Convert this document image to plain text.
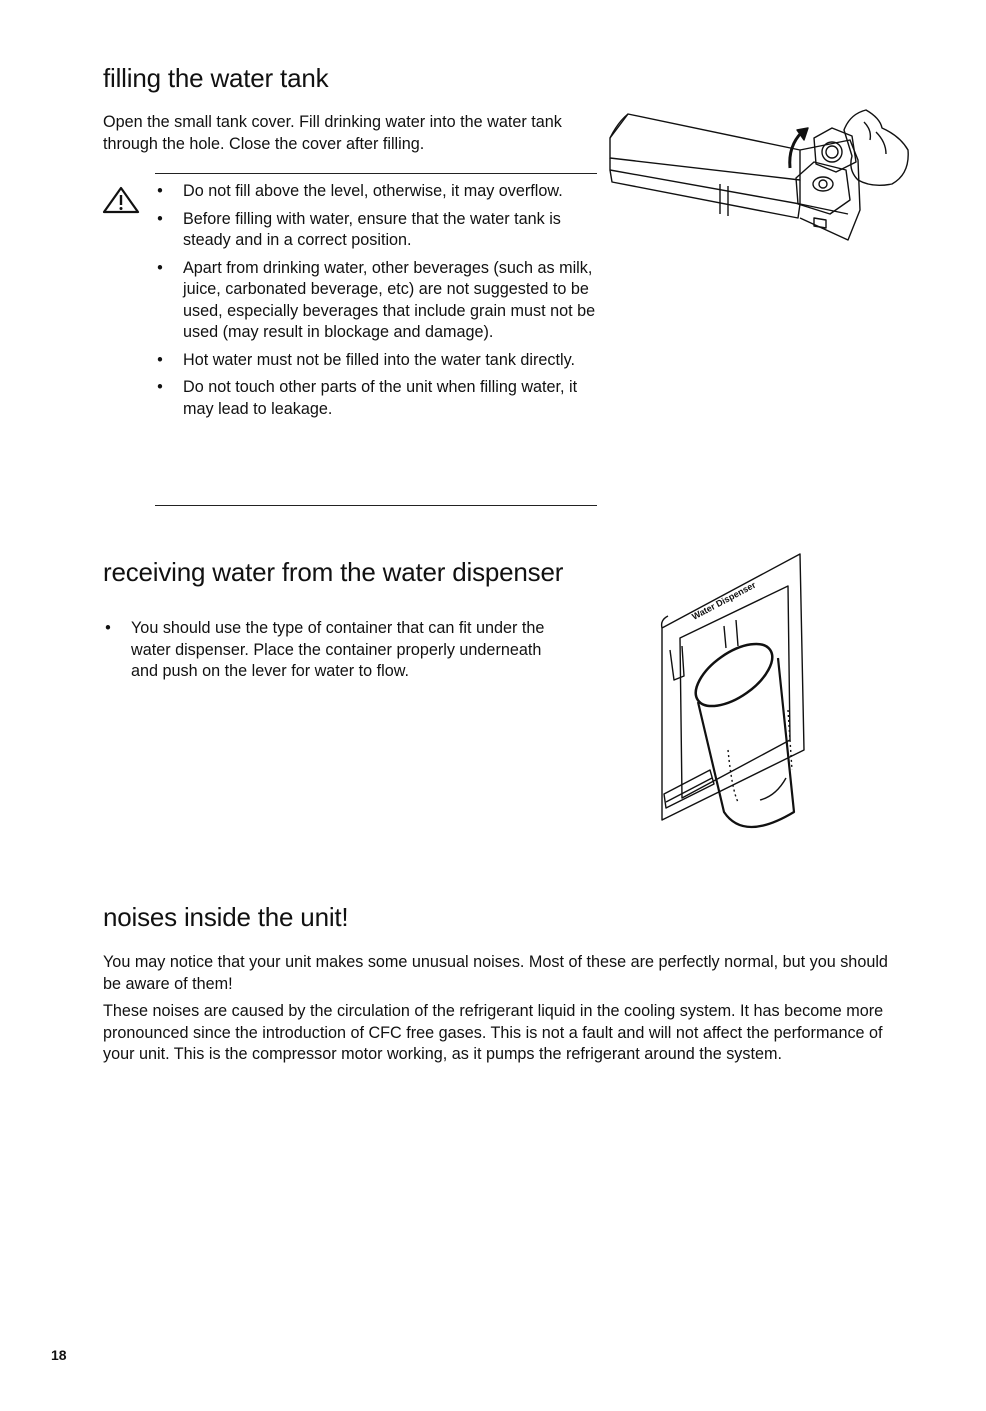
filling the water tank

Open the small tank cover. Fill drinking water into the water tank through the hole. Close the cover after filling.

• Do not fill above the level, otherwise, it may overflow.
• Before filling with water, ensure that the water tank is steady and in a correct position.
• Apart from drinking water, other beverages (such as milk, juice, carbonated beverage, etc) are not suggested to be used, especially beverages that include grain must not be used (may result in blockage and damage).
• Hot water must not be filled into the water tank directly.
• Do not touch other parts of the unit when filling water, it may lead to leakage.
receiving water from the water dispenser
• You should use the type of container that can fit under the water dispenser. Place the container properly underneath and push on the lever for water to flow.
Water Dispenser
noises inside the unit!

You may notice that your unit makes some unusual noises. Most of these are perfectly normal, but you should be aware of them!

These noises are caused by the circulation of the refrigerant liquid in the cooling system. It has become more pronounced since the introduction of CFC free gases. This is not a fault and will not affect the performance of your unit. This is the compressor motor working, as it pumps the refrigerant around the system.

18
